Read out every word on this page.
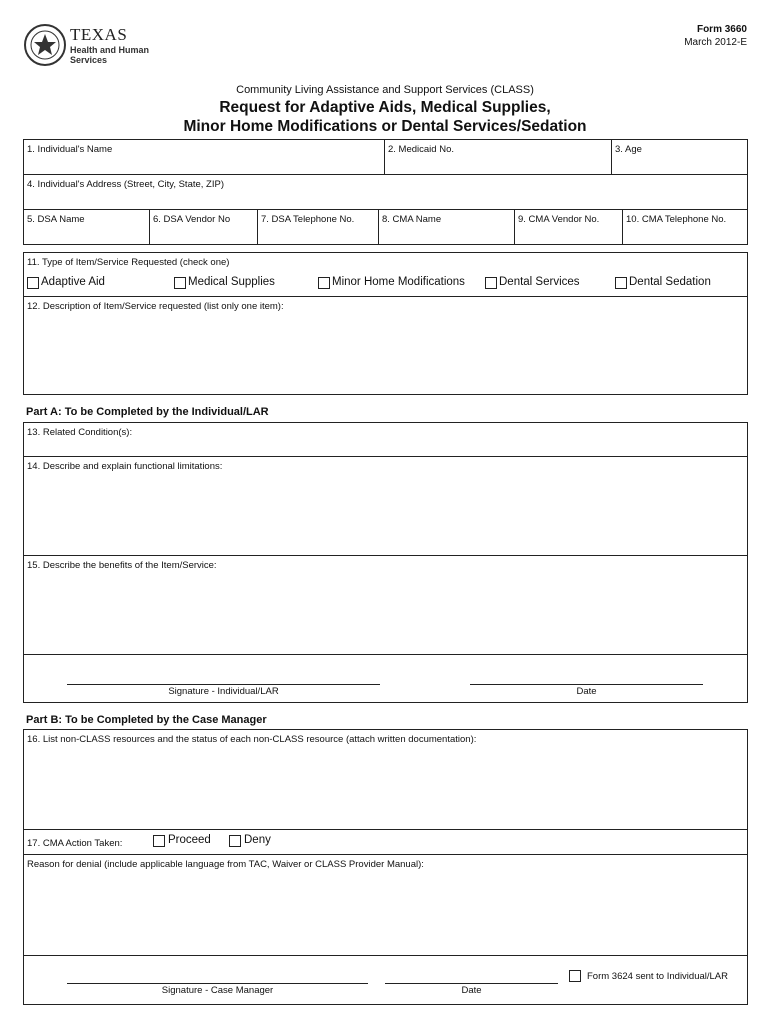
TEXAS
Health and Human
Services
Form 3660
March 2012-E
Community Living Assistance and Support Services (CLASS)
Request for Adaptive Aids, Medical Supplies,
Minor Home Modifications or Dental Services/Sedation
1. Individual's Name	2. Medicaid No.	3. Age
4. Individual's Address (Street, City, State, ZIP)
5. DSA Name	6. DSA Vendor No	7. DSA Telephone No.	8. CMA Name	9. CMA Vendor No.	10. CMA Telephone No.
11. Type of Item/Service Requested (check one)
Adaptive Aid	Medical Supplies	Minor Home Modifications	Dental Services	Dental Sedation
12. Description of Item/Service requested (list only one item):
Part A: To be Completed by the Individual/LAR
13. Related Condition(s):
14. Describe and explain functional limitations:
15. Describe the benefits of the Item/Service:
Signature - Individual/LAR	Date
Part B: To be Completed by the Case Manager
16. List non-CLASS resources and the status of each non-CLASS resource (attach written documentation):
17. CMA Action Taken:	Proceed	Deny
Reason for denial (include applicable language from TAC, Waiver or CLASS Provider Manual):
Form 3624 sent to Individual/LAR
Signature - Case Manager	Date
